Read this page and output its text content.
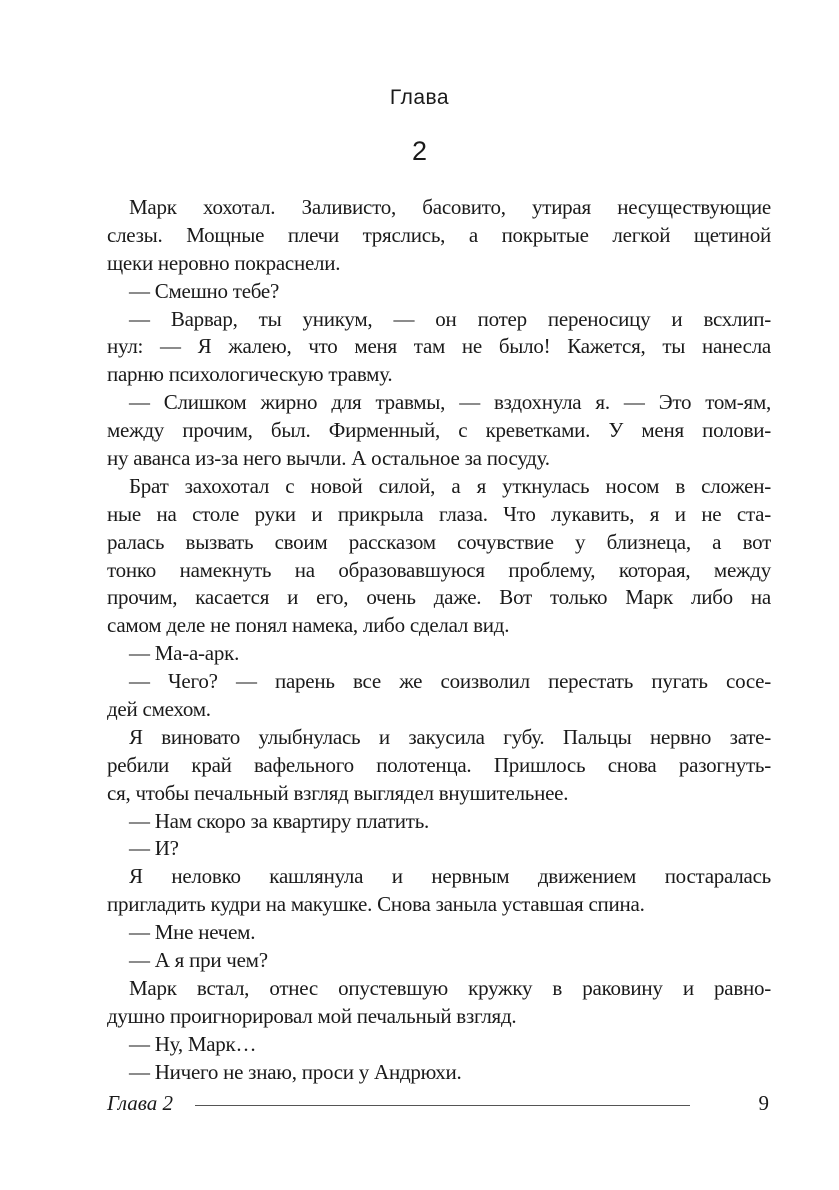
Глава
2
Марк хохотал. Заливисто, басовито, утирая несуществующие
слезы. Мощные плечи тряслись, а покрытые легкой щетиной
щеки неровно покраснели.
— Смешно тебе?
— Варвар, ты уникум, — он потер переносицу и всхлип-
нул: — Я жалею, что меня там не было! Кажется, ты нанесла
парню психологическую травму.
— Слишком жирно для травмы, — вздохнула я. — Это том-ям,
между прочим, был. Фирменный, с креветками. У меня полови-
ну аванса из-за него вычли. А остальное за посуду.
Брат захохотал с новой силой, а я уткнулась носом в сложен-
ные на столе руки и прикрыла глаза. Что лукавить, я и не ста-
ралась вызвать своим рассказом сочувствие у близнеца, а вот
тонко намекнуть на образовавшуюся проблему, которая, между
прочим, касается и его, очень даже. Вот только Марк либо на
самом деле не понял намека, либо сделал вид.
— Ма-а-арк.
— Чего? — парень все же соизволил перестать пугать сосе-
дей смехом.
Я виновато улыбнулась и закусила губу. Пальцы нервно зате-
ребили край вафельного полотенца. Пришлось снова разогнуть-
ся, чтобы печальный взгляд выглядел внушительнее.
— Нам скоро за квартиру платить.
— И?
Я неловко кашлянула и нервным движением постаралась
пригладить кудри на макушке. Снова заныла уставшая спина.
— Мне нечем.
— А я при чем?
Марк встал, отнес опустевшую кружку в раковину и равно-
душно проигнорировал мой печальный взгляд.
— Ну, Марк…
— Ничего не знаю, проси у Андрюхи.
Глава 2	9
